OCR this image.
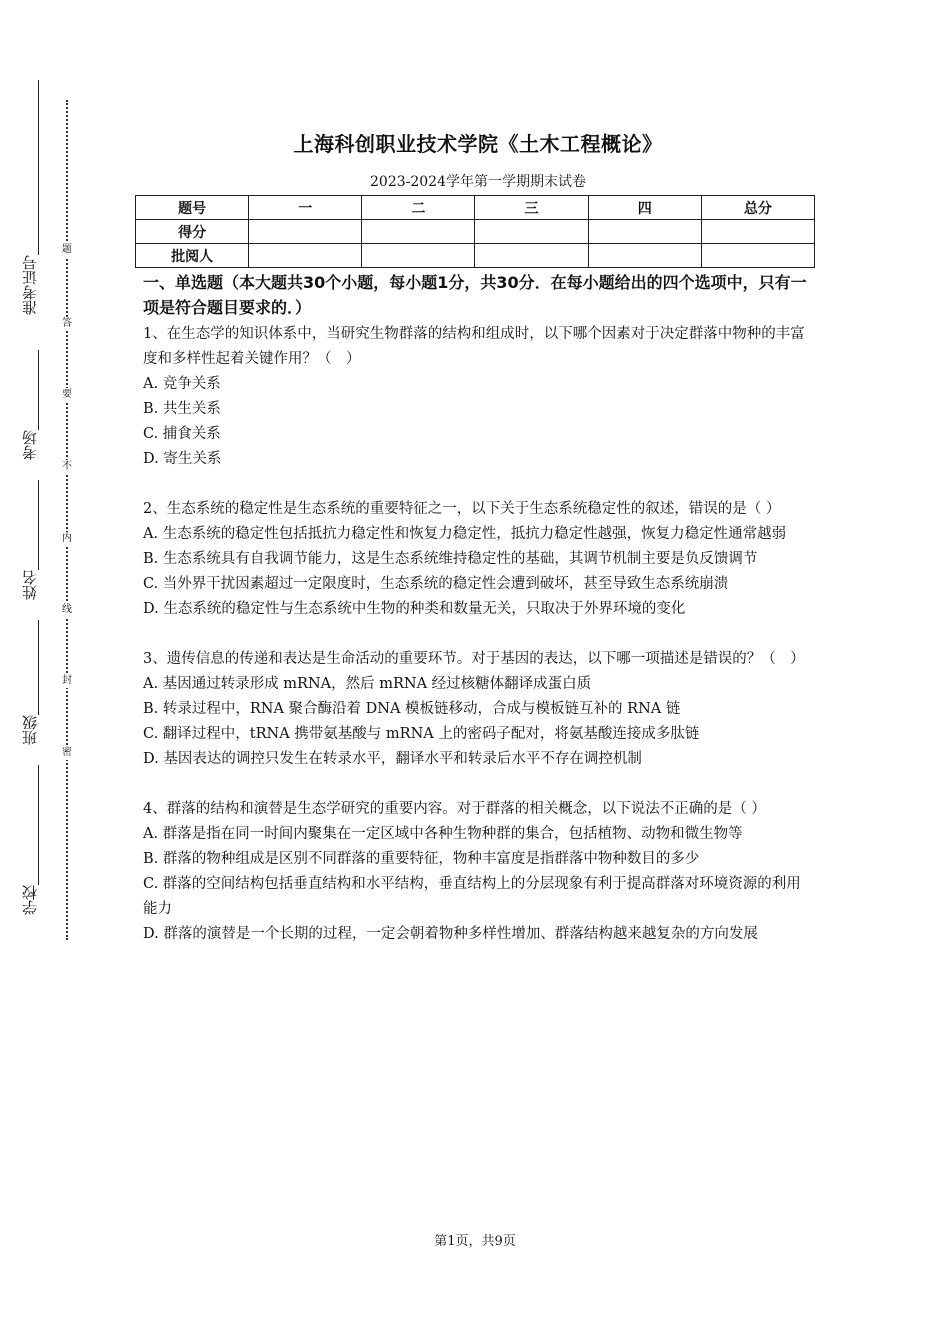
准考证号
考场
姓名
班级
学校
题
答
要
不
内
线
封
密
上海科创职业技术学院《土木工程概论》
2023-2024学年第一学期期末试卷
题号	一	二	三	四	总分
得分					
批阅人					
一、单选题（本大题共30个小题，每小题1分，共30分．在每小题给出的四个选项中，只有一项是符合题目要求的．）

1、在生态学的知识体系中，当研究生物群落的结构和组成时，以下哪个因素对于决定群落中物种的丰富度和多样性起着关键作用？（　）

A. 竞争关系

B. 共生关系

C. 捕食关系

D. 寄生关系

2、生态系统的稳定性是生态系统的重要特征之一，以下关于生态系统稳定性的叙述，错误的是（ ）

A. 生态系统的稳定性包括抵抗力稳定性和恢复力稳定性，抵抗力稳定性越强，恢复力稳定性通常越弱

B. 生态系统具有自我调节能力，这是生态系统维持稳定性的基础，其调节机制主要是负反馈调节

C. 当外界干扰因素超过一定限度时，生态系统的稳定性会遭到破坏，甚至导致生态系统崩溃

D. 生态系统的稳定性与生态系统中生物的种类和数量无关，只取决于外界环境的变化

3、遗传信息的传递和表达是生命活动的重要环节。对于基因的表达，以下哪一项描述是错误的？（　）

A. 基因通过转录形成 mRNA，然后 mRNA 经过核糖体翻译成蛋白质

B. 转录过程中，RNA 聚合酶沿着 DNA 模板链移动，合成与模板链互补的 RNA 链

C. 翻译过程中，tRNA 携带氨基酸与 mRNA 上的密码子配对，将氨基酸连接成多肽链

D. 基因表达的调控只发生在转录水平，翻译水平和转录后水平不存在调控机制

4、群落的结构和演替是生态学研究的重要内容。对于群落的相关概念，以下说法不正确的是（ ）

A. 群落是指在同一时间内聚集在一定区域中各种生物种群的集合，包括植物、动物和微生物等

B. 群落的物种组成是区别不同群落的重要特征，物种丰富度是指群落中物种数目的多少

C. 群落的空间结构包括垂直结构和水平结构，垂直结构上的分层现象有利于提高群落对环境资源的利用能力

D. 群落的演替是一个长期的过程，一定会朝着物种多样性增加、群落结构越来越复杂的方向发展

第1页，共9页
